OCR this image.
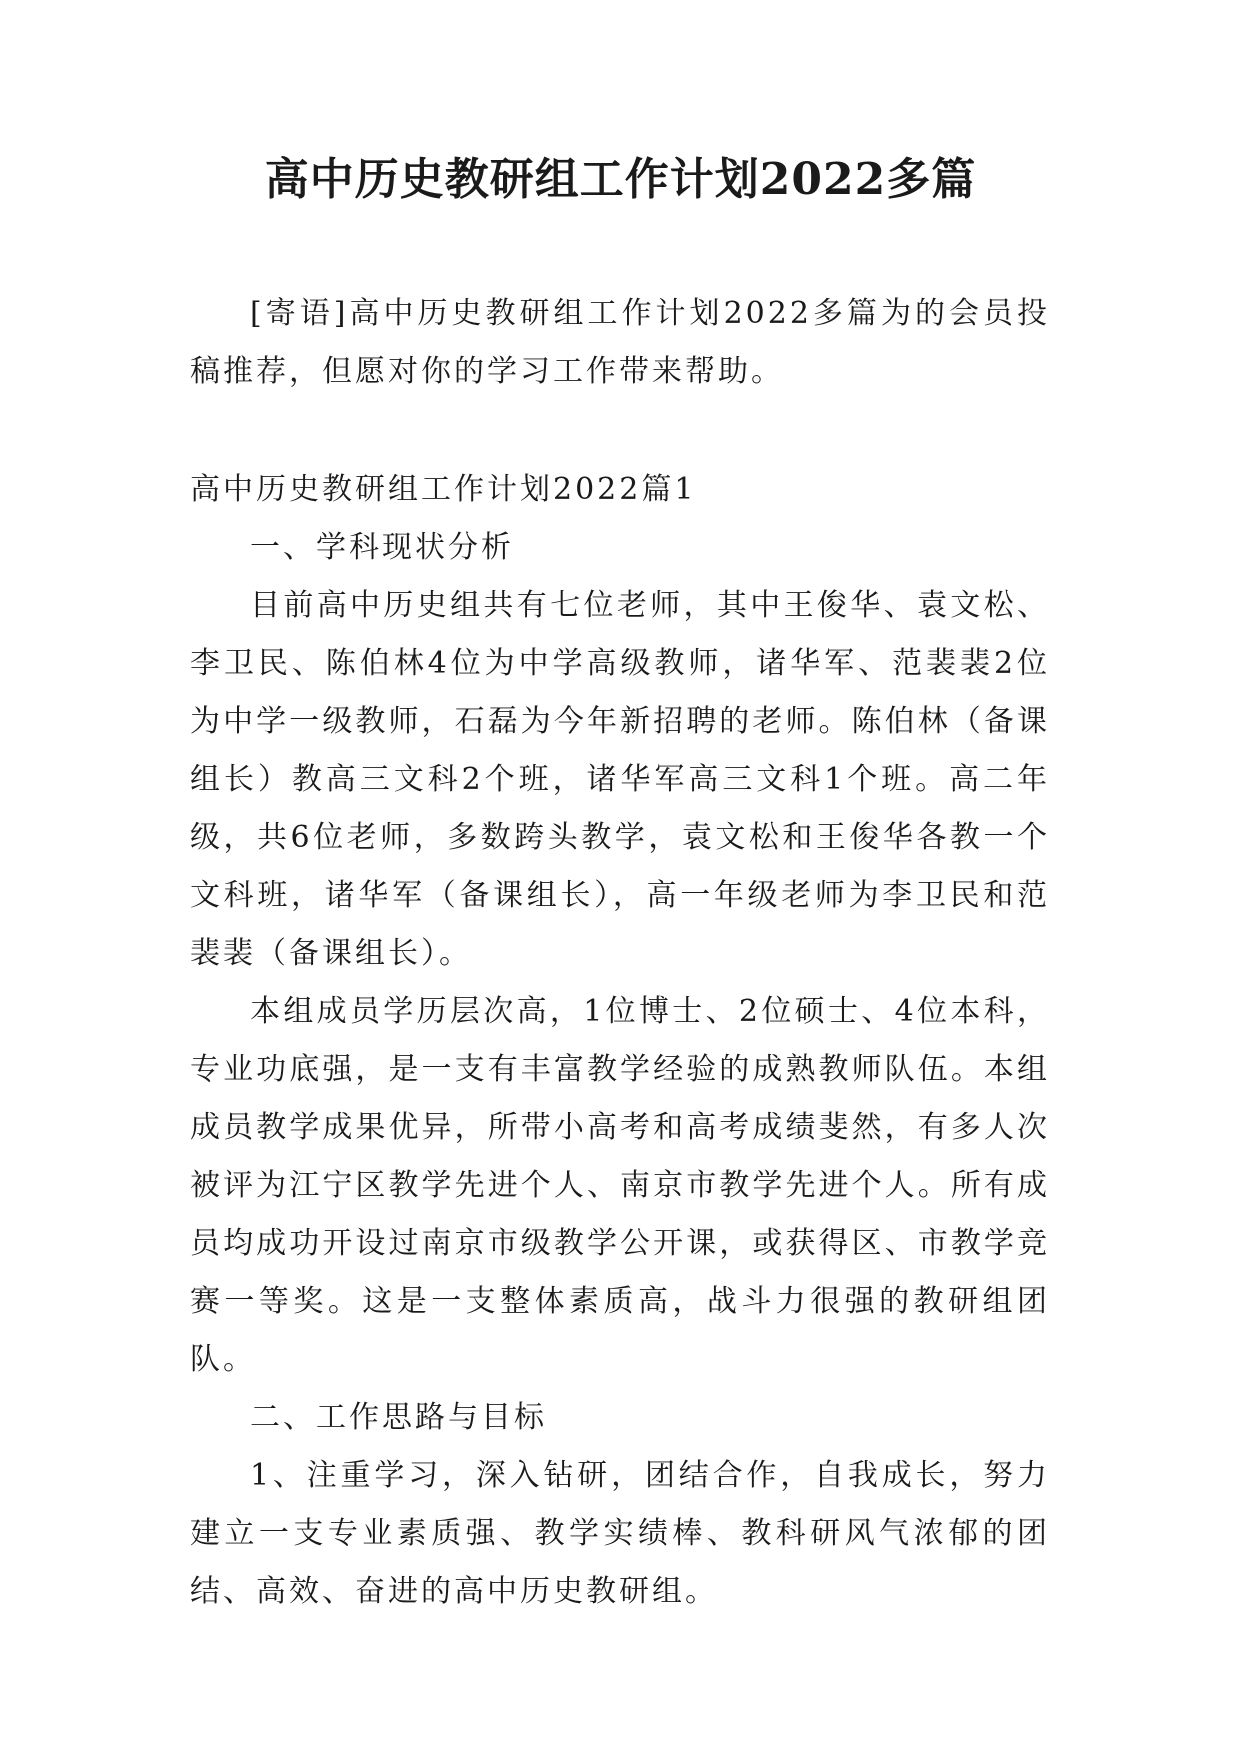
高中历史教研组工作计划2022多篇

[寄语]高中历史教研组工作计划2022多篇为的会员投稿推荐，但愿对你的学习工作带来帮助。

高中历史教研组工作计划2022篇1

一、学科现状分析

目前高中历史组共有七位老师，其中王俊华、袁文松、李卫民、陈伯林4位为中学高级教师，诸华军、范裴裴2位为中学一级教师，石磊为今年新招聘的老师。陈伯林（备课组长）教高三文科2个班，诸华军高三文科1个班。高二年级，共6位老师，多数跨头教学，袁文松和王俊华各教一个文科班，诸华军（备课组长），高一年级老师为李卫民和范裴裴（备课组长）。

本组成员学历层次高，1位博士、2位硕士、4位本科，专业功底强，是一支有丰富教学经验的成熟教师队伍。本组成员教学成果优异，所带小高考和高考成绩斐然，有多人次被评为江宁区教学先进个人、南京市教学先进个人。所有成员均成功开设过南京市级教学公开课，或获得区、市教学竞赛一等奖。这是一支整体素质高，战斗力很强的教研组团队。

二、工作思路与目标

1、注重学习，深入钻研，团结合作，自我成长，努力建立一支专业素质强、教学实绩棒、教科研风气浓郁的团结、高效、奋进的高中历史教研组。
